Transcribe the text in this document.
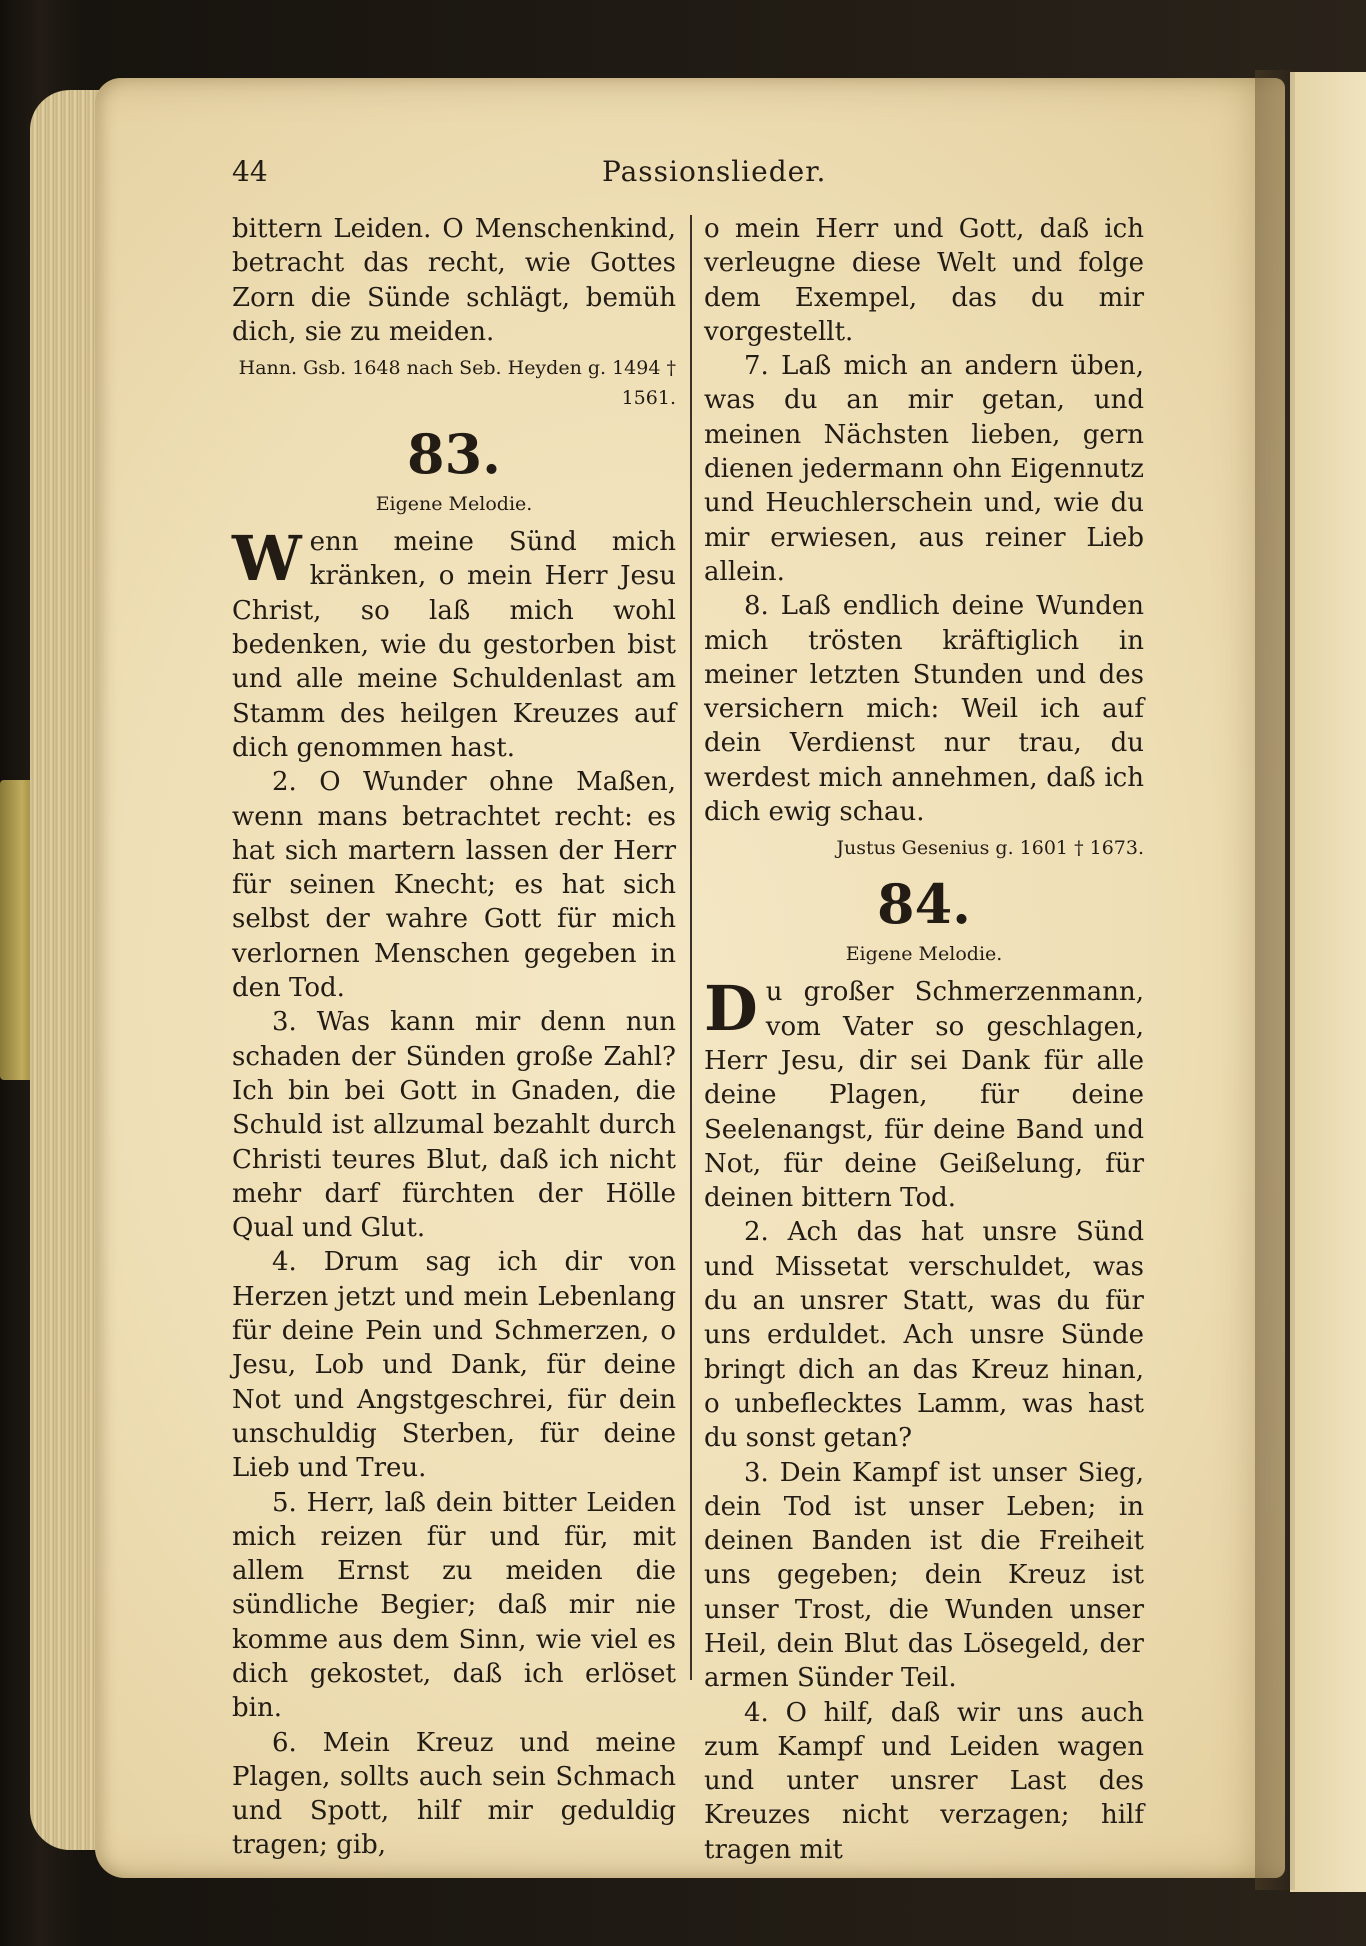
44	Passionslieder.

bittern Leiden. O Menschenkind, betracht das recht, wie Gottes Zorn die Sünde schlägt, bemüh dich, sie zu meiden.

Hann. Gsb. 1648 nach Seb. Heyden g. 1494 † 1561.

83.

Eigene Melodie.

Wenn meine Sünd mich kränken, o mein Herr Jesu Christ, so laß mich wohl bedenken, wie du gestorben bist und alle meine Schuldenlast am Stamm des heilgen Kreuzes auf dich genommen hast.

2. O Wunder ohne Maßen, wenn mans betrachtet recht: es hat sich martern lassen der Herr für seinen Knecht; es hat sich selbst der wahre Gott für mich verlornen Menschen gegeben in den Tod.

3. Was kann mir denn nun schaden der Sünden große Zahl? Ich bin bei Gott in Gnaden, die Schuld ist allzumal bezahlt durch Christi teures Blut, daß ich nicht mehr darf fürchten der Hölle Qual und Glut.

4. Drum sag ich dir von Herzen jetzt und mein Lebenlang für deine Pein und Schmerzen, o Jesu, Lob und Dank, für deine Not und Angstgeschrei, für dein unschuldig Sterben, für deine Lieb und Treu.

5. Herr, laß dein bitter Leiden mich reizen für und für, mit allem Ernst zu meiden die sündliche Begier; daß mir nie komme aus dem Sinn, wie viel es dich gekostet, daß ich erlöset bin.

6. Mein Kreuz und meine Plagen, sollts auch sein Schmach und Spott, hilf mir geduldig tragen; gib,

o mein Herr und Gott, daß ich verleugne diese Welt und folge dem Exempel, das du mir vorgestellt.

7. Laß mich an andern üben, was du an mir getan, und meinen Nächsten lieben, gern dienen jedermann ohn Eigennutz und Heuchlerschein und, wie du mir erwiesen, aus reiner Lieb allein.

8. Laß endlich deine Wunden mich trösten kräftiglich in meiner letzten Stunden und des versichern mich: Weil ich auf dein Verdienst nur trau, du werdest mich annehmen, daß ich dich ewig schau.

Justus Gesenius g. 1601 † 1673.

84.

Eigene Melodie.

Du großer Schmerzenmann, vom Vater so geschlagen, Herr Jesu, dir sei Dank für alle deine Plagen, für deine Seelenangst, für deine Band und Not, für deine Geißelung, für deinen bittern Tod.

2. Ach das hat unsre Sünd und Missetat verschuldet, was du an unsrer Statt, was du für uns erduldet. Ach unsre Sünde bringt dich an das Kreuz hinan, o unbeflecktes Lamm, was hast du sonst getan?

3. Dein Kampf ist unser Sieg, dein Tod ist unser Leben; in deinen Banden ist die Freiheit uns gegeben; dein Kreuz ist unser Trost, die Wunden unser Heil, dein Blut das Lösegeld, der armen Sünder Teil.

4. O hilf, daß wir uns auch zum Kampf und Leiden wagen und unter unsrer Last des Kreuzes nicht verzagen; hilf tragen mit
